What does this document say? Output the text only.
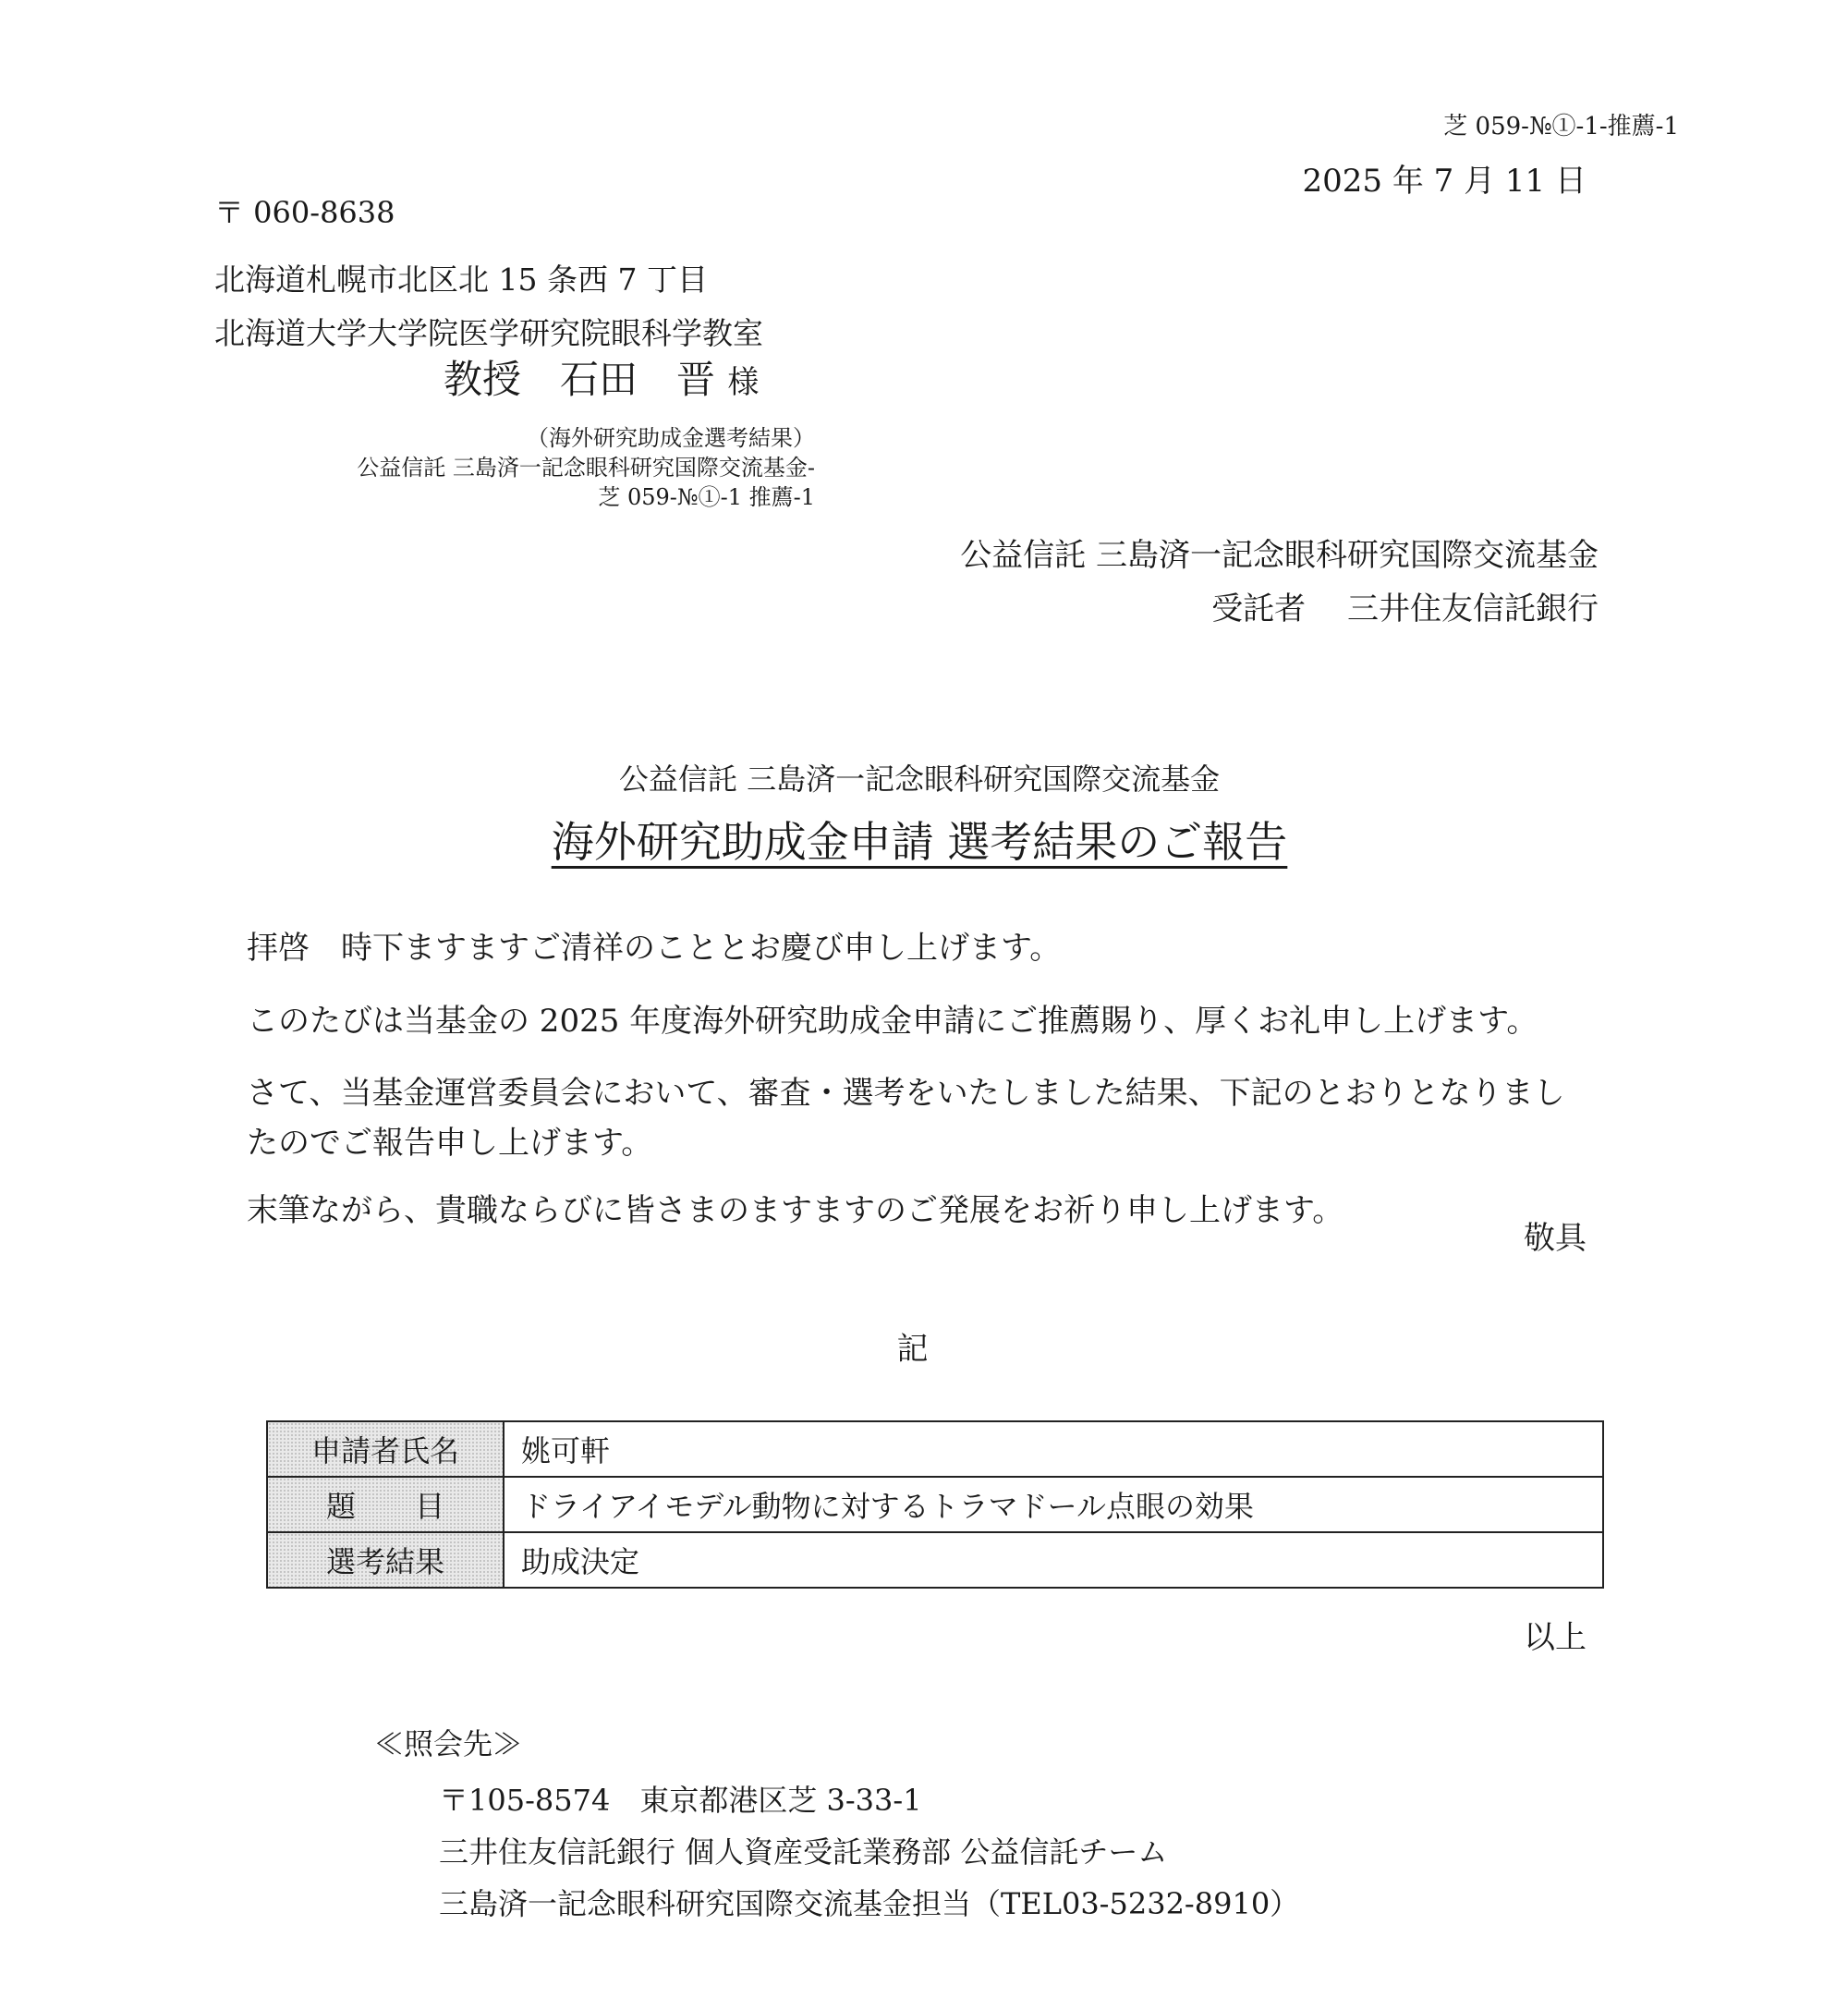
芝 059-№①-1-推薦-1
2025 年 7 月 11 日
〒 060-8638
北海道札幌市北区北 15 条西 7 丁目
北海道大学大学院医学研究院眼科学教室
教授　石田　晋 様
（海外研究助成金選考結果）
公益信託 三島済一記念眼科研究国際交流基金-
芝 059-№①-1 推薦-1
公益信託 三島済一記念眼科研究国際交流基金
受託者　 三井住友信託銀行
公益信託 三島済一記念眼科研究国際交流基金
海外研究助成金申請 選考結果のご報告

拝啓　時下ますますご清祥のこととお慶び申し上げます。

このたびは当基金の 2025 年度海外研究助成金申請にご推薦賜り、厚くお礼申し上げます。

さて、当基金運営委員会において、審査・選考をいたしました結果、下記のとおりとなりましたのでご報告申し上げます。

末筆ながら、貴職ならびに皆さまのますますのご発展をお祈り申し上げます。

敬具
記
申請者氏名	姚可軒
題　　目	ドライアイモデル動物に対するトラマドール点眼の効果
選考結果	助成決定
以上
≪照会先≫

〒105-8574　東京都港区芝 3-33-1

三井住友信託銀行 個人資産受託業務部 公益信託チーム

三島済一記念眼科研究国際交流基金担当（TEL03-5232-8910）
